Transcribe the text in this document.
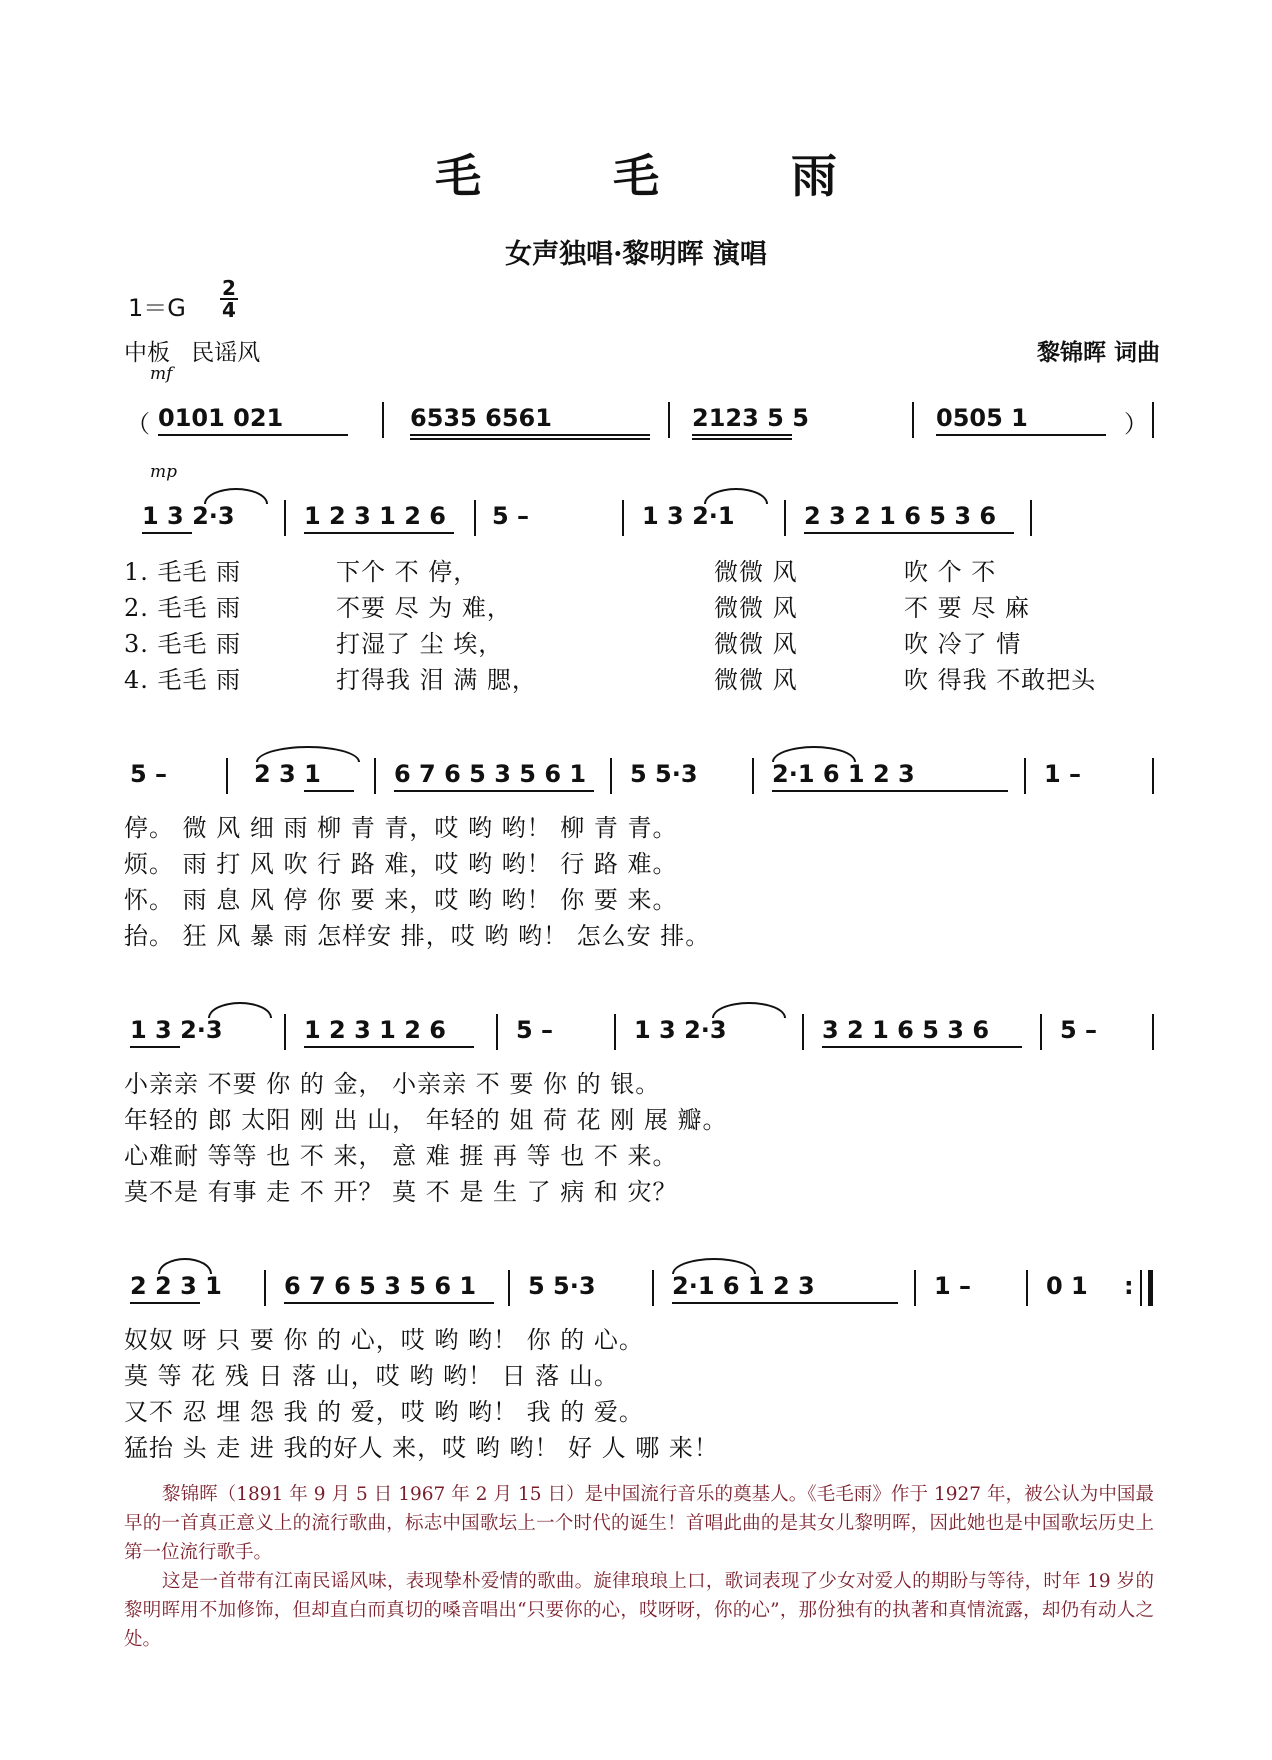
毛 毛 雨
女声独唱·黎明晖 演唱
1＝G
2
4
中板 民谣风	黎锦晖 词曲
mf
（ 0101 021	6535 6561	2123 5 5	0505 1	）
mp
1 3 2·3	1 2 3 1 2 6 5 –	1 3 2·1	2 3 2 1 6 5 3 6
1. 毛毛 雨	下个 不 停，	微微 风	吹 个 不
2. 毛毛 雨	不要 尽 为 难，	微微 风	不 要 尽 麻
3. 毛毛 雨	打湿了 尘 埃，	微微 风	吹 冷了 情
4. 毛毛 雨	打得我 泪 满 腮，	微微 风	吹 得我 不敢把头
5 –	2 3 1	6 7 6 5 3 5 6 1 5 5·3	2·1 6 1 2 3	1 –
停。 微 风 细 雨 柳 青 青，哎 哟 哟！ 柳 青 青。
烦。 雨 打 风 吹 行 路 难，哎 哟 哟！ 行 路 难。
怀。 雨 息 风 停 你 要 来，哎 哟 哟！ 你 要 来。
抬。 狂 风 暴 雨 怎样安 排，哎 哟 哟！ 怎么安 排。
1 3 2·3	1 2 3 1 2 6	5 –	1 3 2·3	3 2 1 6 5 3 6	5 –
小亲亲 不要 你 的 金， 小亲亲 不 要 你 的 银。
年轻的 郎 太阳 刚 出 山， 年轻的 姐 荷 花 刚 展 瓣。
心难耐 等等 也 不 来， 意 难 捱 再 等 也 不 来。
莫不是 有事 走 不 开？ 莫 不 是 生 了 病 和 灾？
2 2 3 1	6 7 6 5 3 5 6 1 5 5·3	2·1 6 1 2 3	1 –	0 1 :
奴奴 呀 只 要 你 的 心，哎 哟 哟！ 你 的 心。
莫 等 花 残 日 落 山，哎 哟 哟！ 日 落 山。
又不 忍 埋 怨 我 的 爱，哎 哟 哟！ 我 的 爱。
猛抬 头 走 进 我的好人 来，哎 哟 哟！ 好 人 哪 来！

黎锦晖（1891 年 9 月 5 日 1967 年 2 月 15 日）是中国流行音乐的奠基人。《毛毛雨》作于 1927 年，被公认为中国最早的一首真正意义上的流行歌曲，标志中国歌坛上一个时代的诞生！首唱此曲的是其女儿黎明晖，因此她也是中国歌坛历史上第一位流行歌手。

这是一首带有江南民谣风味，表现挚朴爱情的歌曲。旋律琅琅上口，歌词表现了少女对爱人的期盼与等待，时年 19 岁的黎明晖用不加修饰，但却直白而真切的嗓音唱出“只要你的心，哎呀呀，你的心”，那份独有的执著和真情流露，却仍有动人之处。
